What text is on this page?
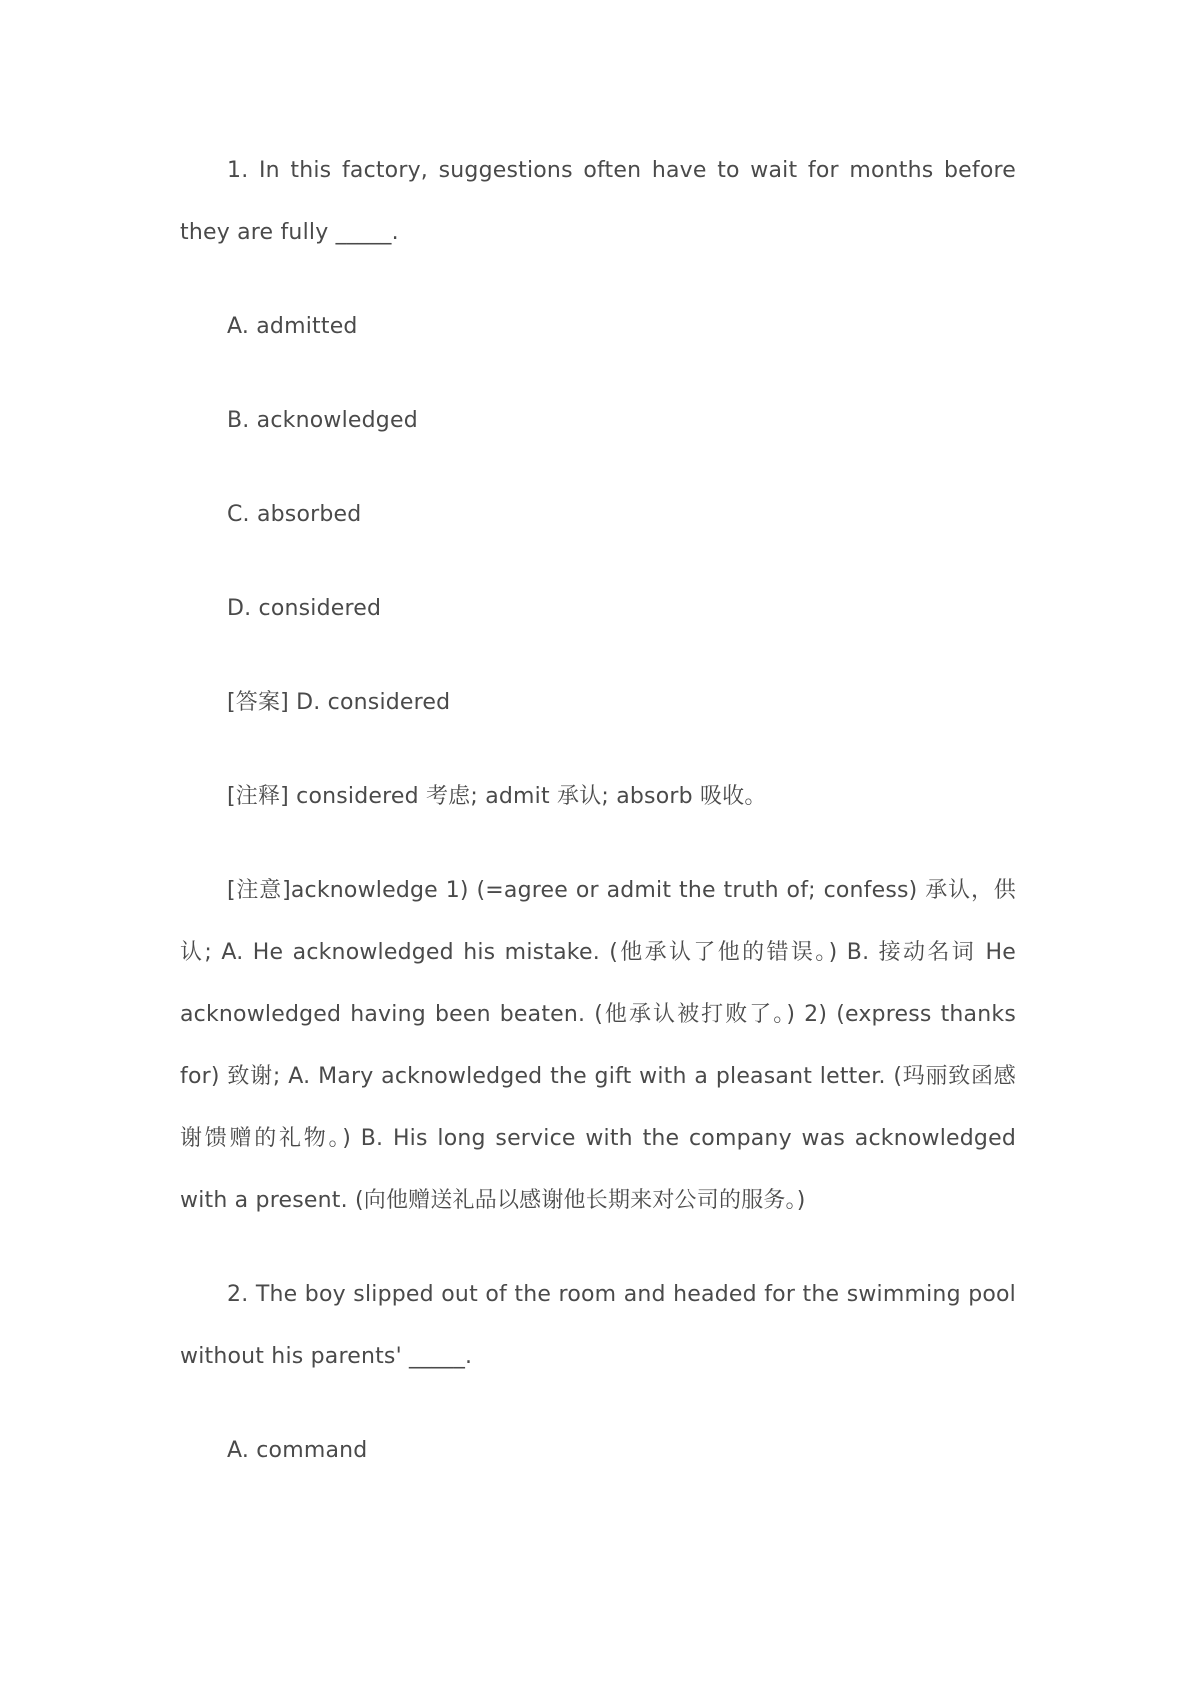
1. In this factory, suggestions often have to wait for months before they are fully _____.

A. admitted

B. acknowledged

C. absorbed

D. considered

[答案] D. considered

[注释] considered 考虑; admit 承认; absorb 吸收。

[注意]acknowledge 1) (=agree or admit the truth of; confess) 承认，供认; A. He acknowledged his mistake. (他承认了他的错误。) B. 接动名词 He acknowledged having been beaten. (他承认被打败了。) 2) (express thanks for) 致谢; A. Mary acknowledged the gift with a pleasant letter. (玛丽致函感谢馈赠的礼物。) B. His long service with the company was acknowledged with a present. (向他赠送礼品以感谢他长期来对公司的服务。)

2. The boy slipped out of the room and headed for the swimming pool without his parents' _____.

A. command
